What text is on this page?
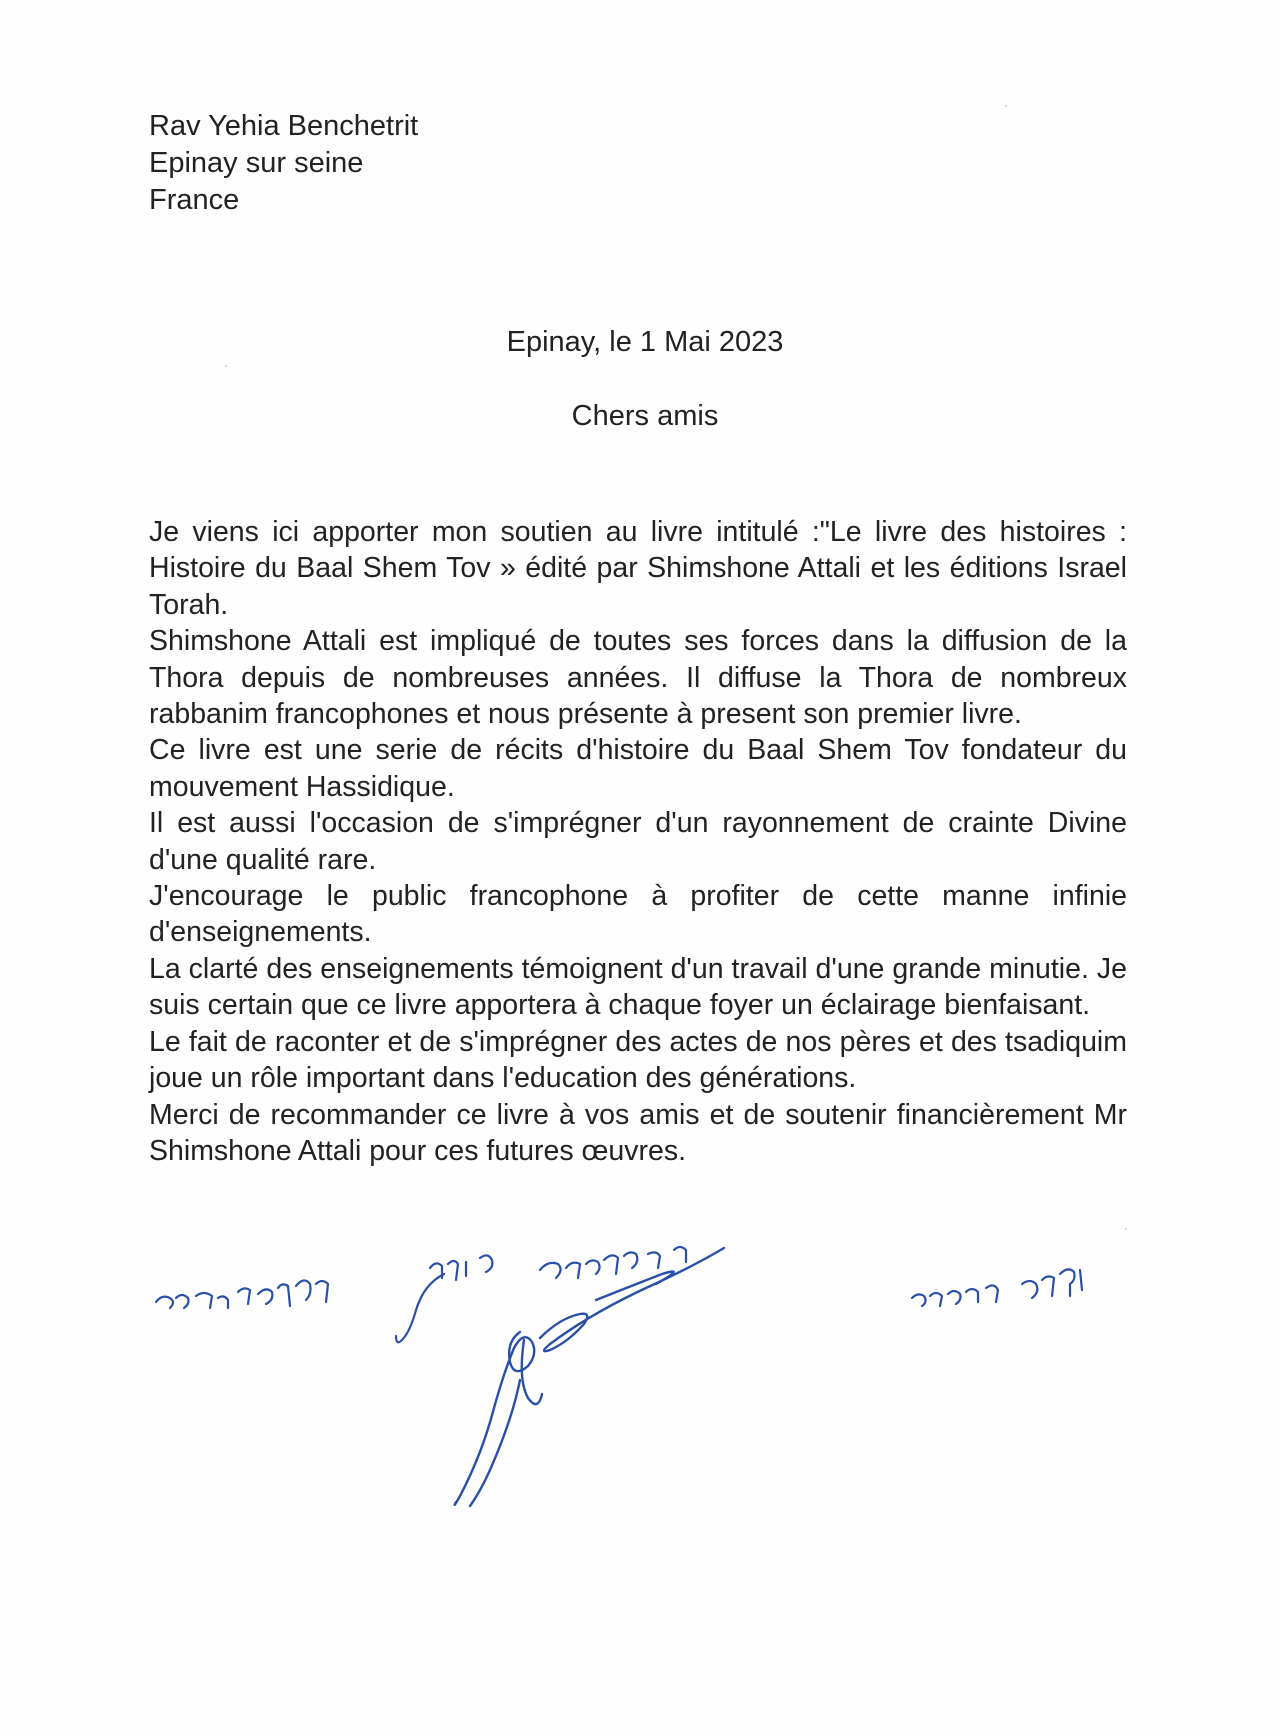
Rav Yehia Benchetrit
Epinay sur seine
France
Epinay, le 1 Mai 2023
Chers amis

Je viens ici apporter mon soutien au livre intitulé :"Le livre des histoires : Histoire du Baal Shem Tov » édité par Shimshone Attali et les éditions Israel Torah.

Shimshone Attali est impliqué de toutes ses forces dans la diffusion de la Thora depuis de nombreuses années. Il diffuse la Thora de nombreux rabbanim francophones et nous présente à present son premier livre.

Ce livre est une serie de récits d'histoire du Baal Shem Tov fondateur du mouvement Hassidique.

Il est aussi l'occasion de s'imprégner d'un rayonnement de crainte Divine d'une qualité rare.

J'encourage le public francophone à profiter de cette manne infinie d'enseignements.

La clarté des enseignements témoignent d'un travail d'une grande minutie. Je suis certain que ce livre apportera à chaque foyer un éclairage bienfaisant.

Le fait de raconter et de s'imprégner des actes de nos pères et des tsadiquim joue un rôle important dans l'education des générations.

Merci de recommander ce livre à vos amis et de soutenir financièrement Mr Shimshone Attali pour ces futures œuvres.
